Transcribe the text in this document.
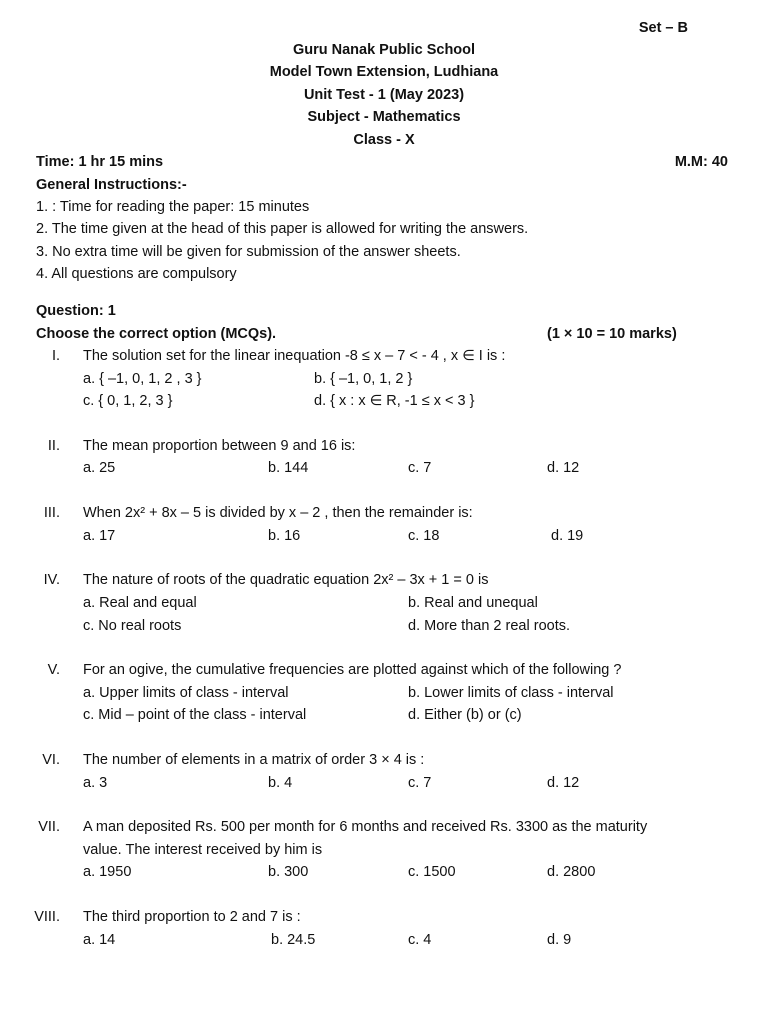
Set – B
Guru Nanak Public School
Model Town Extension, Ludhiana
Unit Test - 1 (May 2023)
Subject - Mathematics
Class - X
Time: 1 hr 15 mins	M.M: 40
General Instructions:-
1. : Time for reading the paper: 15 minutes
2. The time given at the head of this paper is allowed for writing the answers.
3. No extra time will be given for submission of the answer sheets.
4. All questions are compulsory
Question: 1
Choose the correct option (MCQs).	(1 × 10 = 10 marks)
I. The solution set for the linear inequation -8 ≤ x – 7 < - 4 , x ∈ I is :
a. { –1, 0, 1, 2 , 3 }	b. { –1, 0, 1, 2 }
c. { 0, 1, 2, 3 }	d. { x : x ∈ R, -1 ≤ x < 3 }
II. The mean proportion between 9 and 16 is:
a. 25	b. 144	c. 7	d. 12
III. When 2x² + 8x – 5 is divided by x – 2 , then the remainder is:
a. 17	b. 16	c. 18	d. 19
IV. The nature of roots of the quadratic equation 2x² – 3x + 1 = 0 is
a. Real and equal	b. Real and unequal
c. No real roots	d. More than 2 real roots.
V. For an ogive, the cumulative frequencies are plotted against which of the following ?
a. Upper limits of class - interval	b. Lower limits of class - interval
c. Mid – point of the class - interval	d. Either (b) or (c)
VI. The number of elements in a matrix of order 3 × 4 is :
a. 3	b. 4	c. 7	d. 12
VII. A man deposited Rs. 500 per month for 6 months and received Rs. 3300 as the maturity
value. The interest received by him is
a. 1950	b. 300	c. 1500	d. 2800
VIII. The third proportion to 2 and 7 is :
a. 14	b. 24.5	c. 4	d. 9
